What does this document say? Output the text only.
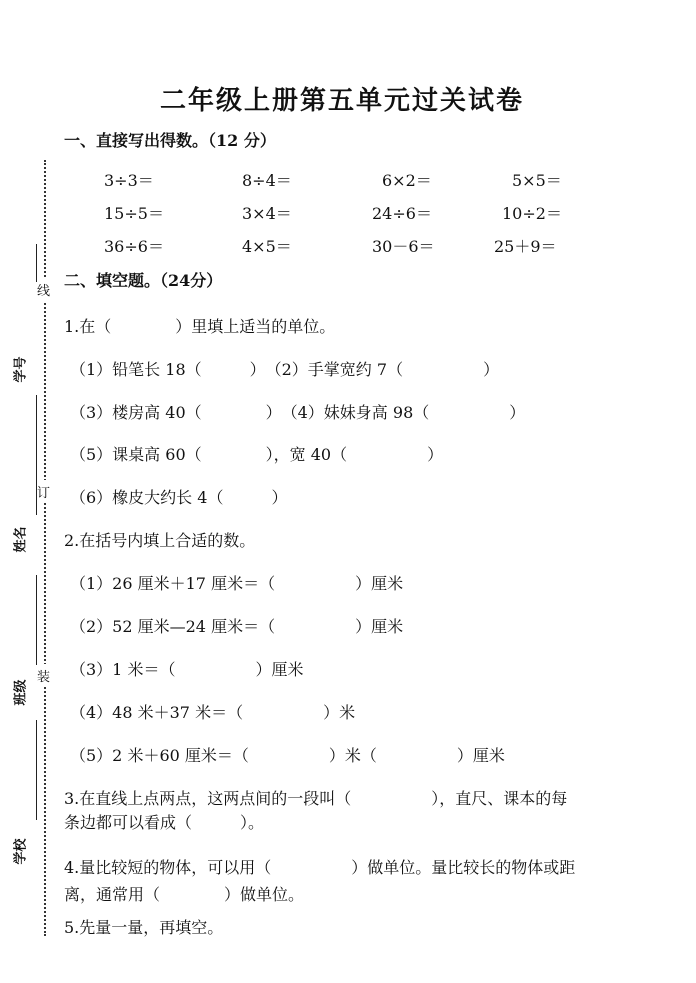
线
订
装
学号
姓名
班级
学校
二年级上册第五单元过关试卷
一、直接写出得数。（12 分）
3÷3＝	8÷4＝	6×2＝	5×5＝
15÷5＝	3×4＝	24÷6＝	10÷2＝
36÷6＝	4×5＝	30－6＝	25＋9＝
二、填空题。（24分）
1.在（　　　　）里填上适当的单位。
（1）铅笔长 18（　　　）　（2）手掌宽约 7（　　　　　）
（3）楼房高 40（　　　　）　（4）妹妹身高 98（　　　　　）
（5）课桌高 60（　　　　），宽 40（　　　　　）
（6）橡皮大约长 4（　　　）
2.在括号内填上合适的数。
（1）26 厘米＋17 厘米＝（　　　　　）厘米
（2）52 厘米—24 厘米＝（　　　　　）厘米
（3）1 米＝（　　　　　）厘米
（4）48 米＋37 米＝（　　　　　）米
（5）2 米＋60 厘米＝（　　　　　）米（　　　　　）厘米
3.在直线上点两点，这两点间的一段叫（　　　　　），直尺、课本的每
条边都可以看成（　　　）。
4.量比较短的物体，可以用（　　　　　）做单位。量比较长的物体或距
离，通常用（　　　　）做单位。
5.先量一量，再填空。
